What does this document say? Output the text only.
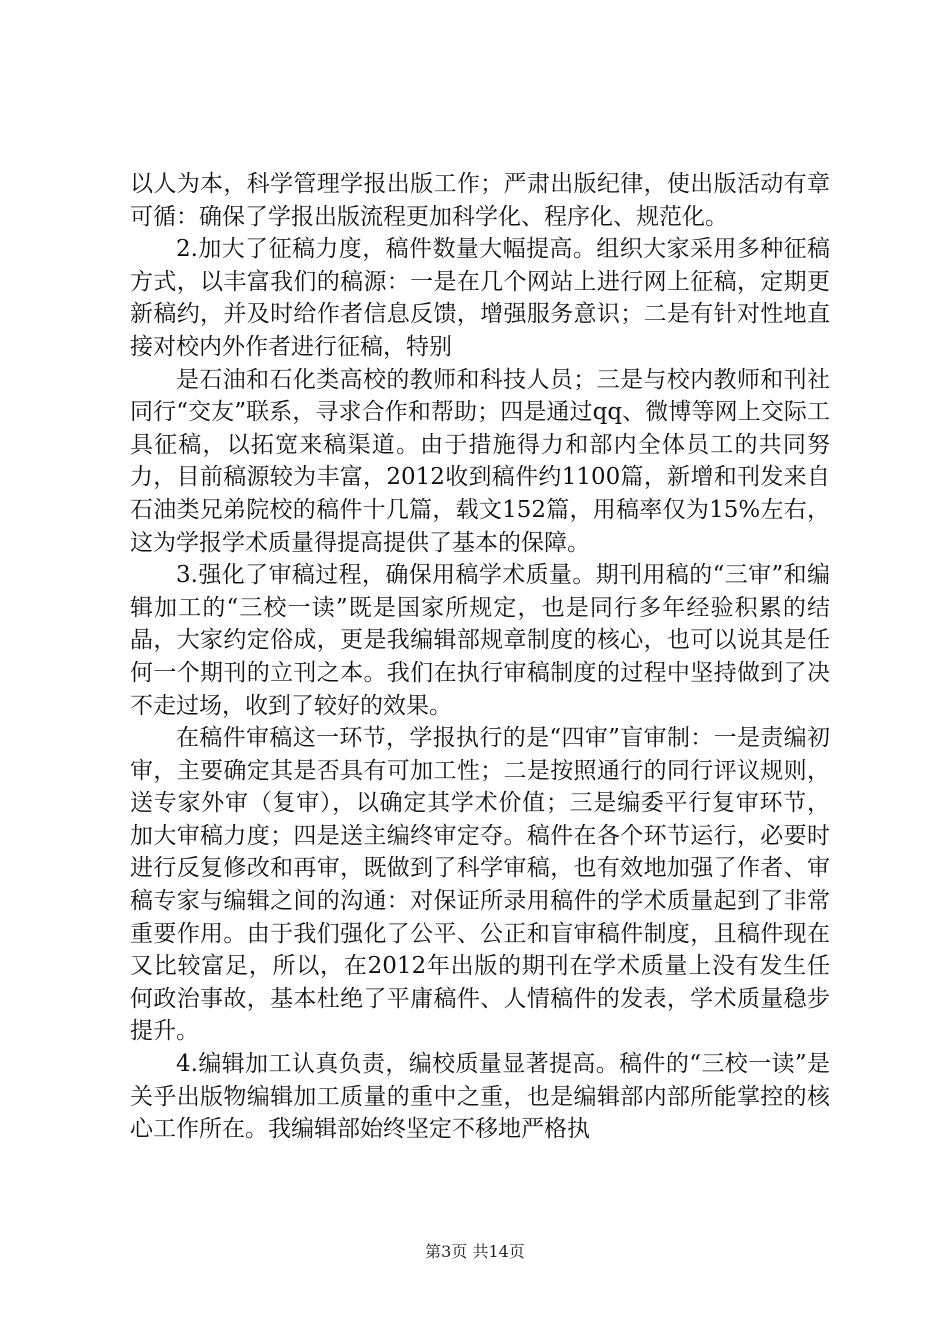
以人为本，科学管理学报出版工作；严肃出版纪律，使出版活动有章可循：确保了学报出版流程更加科学化、程序化、规范化。

2.加大了征稿力度，稿件数量大幅提高。组织大家采用多种征稿方式，以丰富我们的稿源：一是在几个网站上进行网上征稿，定期更新稿约，并及时给作者信息反馈，增强服务意识；二是有针对性地直接对校内外作者进行征稿，特别

是石油和石化类高校的教师和科技人员；三是与校内教师和刊社同行“交友”联系，寻求合作和帮助；四是通过qq、微博等网上交际工具征稿，以拓宽来稿渠道。由于措施得力和部内全体员工的共同努力，目前稿源较为丰富，2012收到稿件约1100篇，新增和刊发来自石油类兄弟院校的稿件十几篇，载文152篇，用稿率仅为15%左右，这为学报学术质量得提高提供了基本的保障。

3.强化了审稿过程，确保用稿学术质量。期刊用稿的“三审”和编辑加工的“三校一读”既是国家所规定，也是同行多年经验积累的结晶，大家约定俗成，更是我编辑部规章制度的核心，也可以说其是任何一个期刊的立刊之本。我们在执行审稿制度的过程中坚持做到了决不走过场，收到了较好的效果。

在稿件审稿这一环节，学报执行的是“四审”盲审制：一是责编初审，主要确定其是否具有可加工性；二是按照通行的同行评议规则，送专家外审（复审），以确定其学术价值；三是编委平行复审环节，加大审稿力度；四是送主编终审定夺。稿件在各个环节运行，必要时进行反复修改和再审，既做到了科学审稿，也有效地加强了作者、审稿专家与编辑之间的沟通：对保证所录用稿件的学术质量起到了非常重要作用。由于我们强化了公平、公正和盲审稿件制度，且稿件现在又比较富足，所以，在2012年出版的期刊在学术质量上没有发生任何政治事故，基本杜绝了平庸稿件、人情稿件的发表，学术质量稳步提升。

4.编辑加工认真负责，编校质量显著提高。稿件的“三校一读”是关乎出版物编辑加工质量的重中之重，也是编辑部内部所能掌控的核心工作所在。我编辑部始终坚定不移地严格执

第3页 共14页
